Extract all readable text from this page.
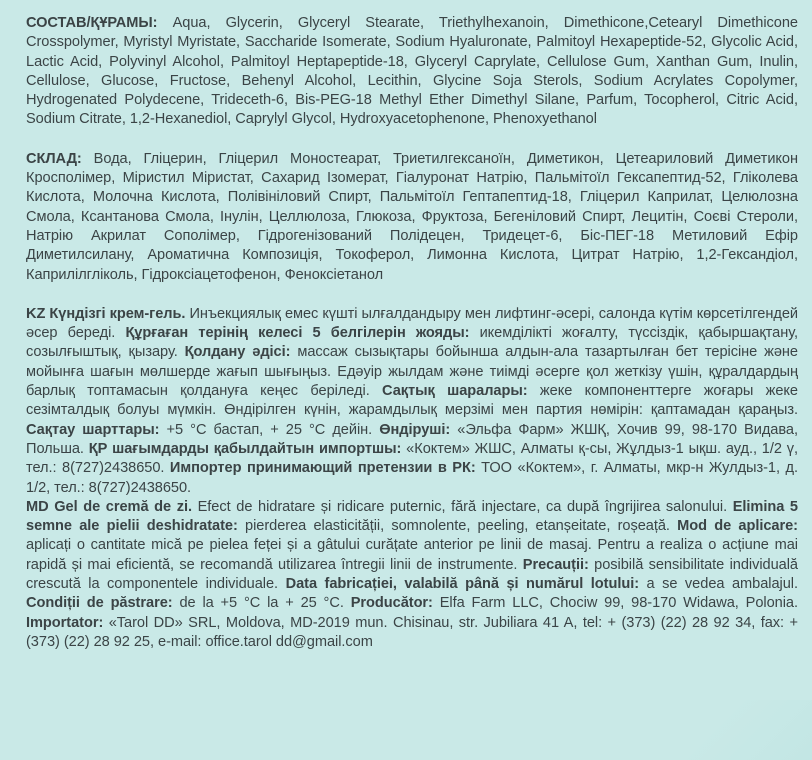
СОСТАВ/ҚҰРАМЫ: Aqua, Glycerin, Glyceryl Stearate, Triethylhexanoin, Dimethicone,Cetearyl Dimethicone Crosspolymer, Myristyl Myristate, Saccharide Isomerate, Sodium Hyaluronate, Palmitoyl Hexapeptide-52, Glycolic Acid, Lactic Acid, Polyvinyl Alcohol, Palmitoyl Heptapeptide-18, Glyceryl Caprylate, Cellulose Gum, Xanthan Gum, Inulin, Cellulose, Glucose, Fructose, Behenyl Alcohol, Lecithin, Glycine Soja Sterols, Sodium Acrylates Copolymer, Hydrogenated Polydecene, Trideceth-6, Bis-PEG-18 Methyl Ether Dimethyl Silane, Parfum, Tocopherol, Citric Acid, Sodium Citrate, 1,2-Hexanediol, Caprylyl Glycol, Hydroxyacetophenone, Phenoxyethanol

СКЛАД: Вода, Гліцерин, Гліцерил Моностеарат, Триетилгексаноїн, Диметикон, Цетеариловий Диметикон Кросполімер, Міристил Міристат, Сахарид Ізомерат, Гіалуронат Натрію, Пальмітоїл Гексапептид-52, Гліколева Кислота, Молочна Кислота, Полівініловий Спирт, Пальмітоїл Гептапептид-18, Гліцерил Каприлат, Целюлозна Смола, Ксантанова Смола, Інулін, Целлюлоза, Глюкоза, Фруктоза, Бегеніловий Спирт, Лецитін, Соєві Стероли, Натрію Акрилат Сополімер, Гідрогенізований Полідецен, Тридецет-6, Біс-ПЕГ-18 Метиловий Ефір Диметилсилану, Ароматична Композиція, Токоферол, Лимонна Кислота, Цитрат Натрію, 1,2-Гександіол, Каприлілгліколь, Гідроксіацетофенон, Феноксіетанол

KZ Күндізгі крем-гель. Инъекциялық емес күшті ылғалдандыру мен лифтинг-әсері, салонда күтім көрсетілгендей әсер береді. Құрғаған терінің келесі 5 белгілерін жояды: икемділікті жоғалту, түссіздік, қабыршақтану, созылғыштық, қызару. Қолдану әдісі: массаж сызықтары бойынша алдын-ала тазартылған бет терісіне және мойынға шағын мөлшерде жағып шығыңыз. Едәуір жылдам және тиімді әсерге қол жеткізу үшін, құралдардың барлық топтамасын қолдануға кеңес беріледі. Сақтық шаралары: жеке компоненттерге жоғары жеке сезімталдық болуы мүмкін. Өндірілген күнін, жарамдылық мерзімі мен партия нөмірін: қаптамадан қараңыз. Сақтау шарттары: +5 °C бастап, + 25 °C дейін. Өндіруші: «Эльфа Фарм» ЖШҚ, Хочив 99, 98-170 Видава, Польша. ҚР шағымдарды қабылдайтын импортшы: «Коктем» ЖШС, Алматы қ-сы, Жұлдыз-1 ықш. ауд., 1/2 ү, тел.: 8(727)2438650. Импортер принимающий претензии в РК: ТОО «Коктем», г. Алматы, мкр-н Жулдыз-1, д. 1/2, тел.: 8(727)2438650.

MD Gel de cremă de zi. Efect de hidratare și ridicare puternic, fără injectare, ca după îngrijirea salonului. Elimina 5 semne ale pielii deshidratate: pierderea elasticității, somnolente, peeling, etanșeitate, roșeață. Mod de aplicare: aplicați o cantitate mică pe pielea feței și a gâtului curățate anterior pe linii de masaj. Pentru a realiza o acțiune mai rapidă și mai eficientă, se recomandă utilizarea întregii linii de instrumente. Precauții: posibilă sensibilitate individuală crescută la componentele individuale. Data fabricației, valabilă până și numărul lotului: a se vedea ambalajul. Condiții de păstrare: de la +5 °C la + 25 °C. Producător: Elfa Farm LLC, Chociw 99, 98-170 Widawa, Polonia. Importator: «Tarol DD» SRL, Moldova, MD-2019 mun. Chisinau, str. Jubiliara 41 A, tel: + (373) (22) 28 92 34, fax: + (373) (22) 28 92 25, e-mail: office.tarol dd@gmail.com
